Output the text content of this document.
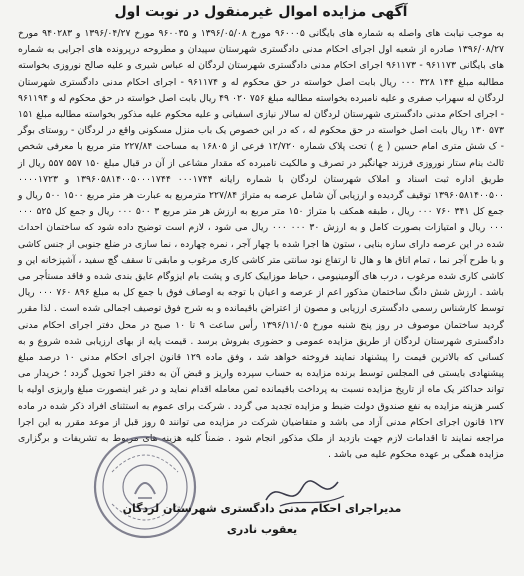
آگهی مزایده اموال غیرمنقول در نوبت اول

به موجب نیابت های واصله به شماره های بایگانی ۹۶۰۰۰۵ مورخ ۱۳۹۶/۰۵/۰۸ و ۹۶۰۰۳۵ مورخ ۱۳۹۶/۰۴/۲۷ و ۹۴۰۲۸۳ مورخ ۱۳۹۶/۰۸/۲۷ صادره از شعبه اول اجرای احکام مدنی دادگستری شهرستان سپیدان و مطروحه درپرونده های اجرایی به شماره های بایگانی ۹۶۱۱۷۳ - ۹۶۱۱۷۳ اجرای احکام مدنی دادگستری شهرستان لردگان له عباس شیری و علیه صالح نوروزی بخواسته مطالبه مبلغ ۱۴۴ ۳۲۸ ۰۰۰ ریال بابت اصل خواسته در حق محکوم له و ۹۶۱۱۷۴ - اجرای احکام مدنی دادگستری شهرستان لردگان له سهراب صفری و علیه نامبرده بخواسته مطالبه مبلغ ۷۵۶ ۰۲۰ ۴۹ ریال بابت اصل خواسته در حق محکوم له و ۹۶۱۱۹۴ - اجرای احکام مدنی دادگستری شهرستان لردگان له سالار نیازی اسفیانی و علیه محکوم علیه مذکور بخواسته مطالبه مبلغ ۱۵۱ ۵۷۳ ۱۳۰ ریال بابت اصل خواسته در حق محکوم له ، که در این خصوص یک باب منزل مسکونی واقع در لردگان - روستای بوگر - ک شش متری امام حسین ( ع ) تحت پلاک شماره ۱۲/۷۲۰ فرعی از ۱۶۸۰۵ به مساحت ۲۲۷/۸۴ متر مربع با معرفی شخص ثالث بنام ستار نوروزی فرزند جهانگیر در تصرف و مالکیت نامبرده که مقدار مشاعی از آن در قبال مبلغ ۱۵۰ ۵۵۷ ۵۵۷ ریال از طریق اداره ثبت اسناد و املاک شهرستان لردگان با شماره رایانه ۰۰۰۱۷۴۴ ۱۳۹۶۰۵۸۱۴۰۰۵۰۰۰۱۷۴۴ و ۰۰۰۰۱۷۲۳ ۱۳۹۶۰۵۸۱۴۰۰۵۰۰ توقیف گردیده و ارزیابی آن شامل عرصه به متراژ ۲۲۷/۸۴ مترمربع به عبارت هر متر مربع ۱۵۰۰ ۵۰۰ ریال و جمع کل ۳۴۱ ۷۶۰ ۰۰۰ ریال ، طبقه همکف با متراژ ۱۵۰ متر مربع به ارزش هر متر مربع ۳ ۵۰۰ ۰۰۰ ریال و جمع کل ۵۲۵ ۰۰۰ ۰۰۰ ریال و امتیازات بصورت کامل و به ارزش ۳۰ ۰۰۰ ۰۰۰ ریال می شود ، لازم است توضیح داده شود که ساختمان احداث شده در این عرصه دارای سازه بنایی ، ستون ها اجرا شده با چهار آجر ، نمره چهارده ، نما سازی در ضلع جنوبی از جنس کاشی و با طرح آجر نما ، تمام اتاق ها و هال تا ارتفاع نود سانتی متر کاشی کاری مرغوب و مابقی تا سقف گچ سفید ، آشپزخانه این و کاشی کاری شده مرغوب ، درب های آلومینیومی ، حیاط موزاییک کاری و پشت بام ایزوگام عایق بندی شده و فاقد مستأجر می باشد . ارزش شش دانگ ساختمان مذکور اعم از عرصه و اعیان با توجه به اوصاف فوق با جمع کل به مبلغ ۸۹۶ ۷۶۰ ۰۰۰ ریال توسط کارشناس رسمی دادگستری ارزیابی و مصون از اعتراض باقیمانده و به شرح فوق توصیف اجمالی شده است . لذا مقرر گردید ساختمان موصوف در روز پنج شنبه مورخ ۱۳۹۶/۱۱/۰۵ رأس ساعت ۹ تا ۱۰ صبح در محل دفتر اجرای احکام مدنی دادگستری شهرستان لردگان از طریق مزایده عمومی و حضوری بفروش برسد . قیمت پایه از بهای ارزیابی شده شروع و به کسانی که بالاترین قیمت را پیشنهاد نمایند فروخته خواهد شد ، وفق ماده ۱۲۹ قانون اجرای احکام مدنی ۱۰ درصد مبلغ پیشنهادی بایستی فی المجلس توسط برنده مزایده به حساب سپرده واریز و قبض آن به دفتر اجرا تحویل گردد ؛ خریدار می تواند حداکثر یک ماه از تاریخ مزایده نسبت به پرداخت باقیمانده ثمن معامله اقدام نماید و در غیر اینصورت مبلغ واریزی اولیه با کسر هزینه مزایده به نفع صندوق دولت ضبط و مزایده تجدید می گردد . شرکت برای عموم به استثنای افراد ذکر شده در ماده ۱۲۷ قانون اجرای احکام مدنی آزاد می باشد و متقاضیان شرکت در مزایده می توانند ۵ روز قبل از موعد مقرر به این اجرا مراجعه نمایند تا اقدامات لازم جهت بازدید از ملک مذکور انجام شود . ضمناً کلیه هزینه های مربوط به تشریفات و برگزاری مزایده همگی بر عهده محکوم علیه می باشد .

مدیراجرای احکام مدنی دادگستری شهرستان لردگان
یعقوب نادری
